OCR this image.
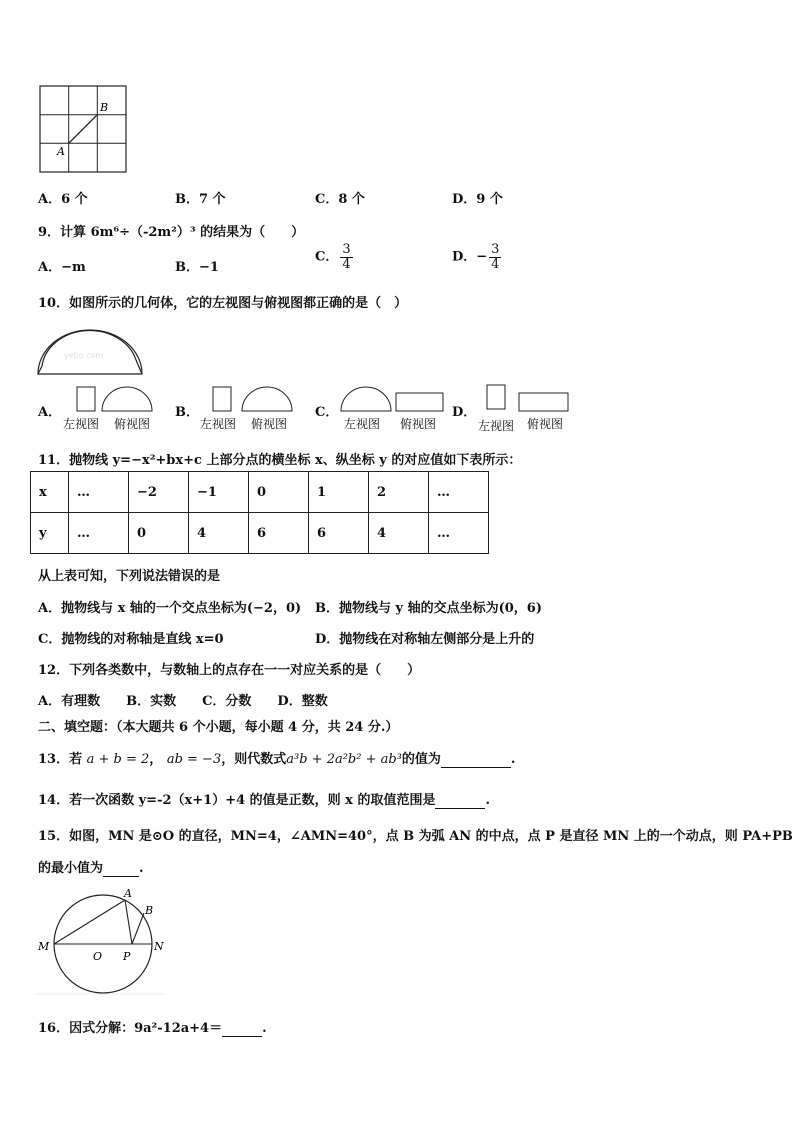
A
B
A．6 个	B．7 个	C．8 个	D．9 个
9．计算 6m⁶÷（-2m²）³ 的结果为（　　）
A．−m	B．−1
C． $\frac{3}{4}$	D．− $\frac{3}{4}$
10．如图所示的几何体，它的左视图与俯视图都正确的是（　）
yebo.com
A．
左视图 俯视图
B．
左视图 俯视图
C．
左视图 俯视图
D．
左视图 俯视图
11．抛物线 y=−x²+bx+c 上部分点的横坐标 x、纵坐标 y 的对应值如下表所示：
x	…	−2	−1	0	1	2	…
y	…	0	4	6	6	4	…
从上表可知，下列说法错误的是
A．抛物线与 x 轴的一个交点坐标为(−2，0) B．抛物线与 y 轴的交点坐标为(0，6)
C．抛物线的对称轴是直线 x=0	D．抛物线在对称轴左侧部分是上升的
12．下列各类数中，与数轴上的点存在一一对应关系的是（　　）
A．有理数　　B．实数　　C．分数　　D．整数
二、填空题：（本大题共 6 个小题，每小题 4 分，共 24 分.）
13．若 a + b = 2， ab = −3，则代数式a³b + 2a²b² + ab³的值为	.
14．若一次函数 y=-2（x+1）+4 的值是正数，则 x 的取值范围是	.
15．如图，MN 是⊙O 的直径，MN=4，∠AMN=40°，点 B 为弧 AN 的中点，点 P 是直径 MN 上的一个动点，则 PA+PB
的最小值为	.
A
B
M	N
O P
16．因式分解：9a²-12a+4＝	.
